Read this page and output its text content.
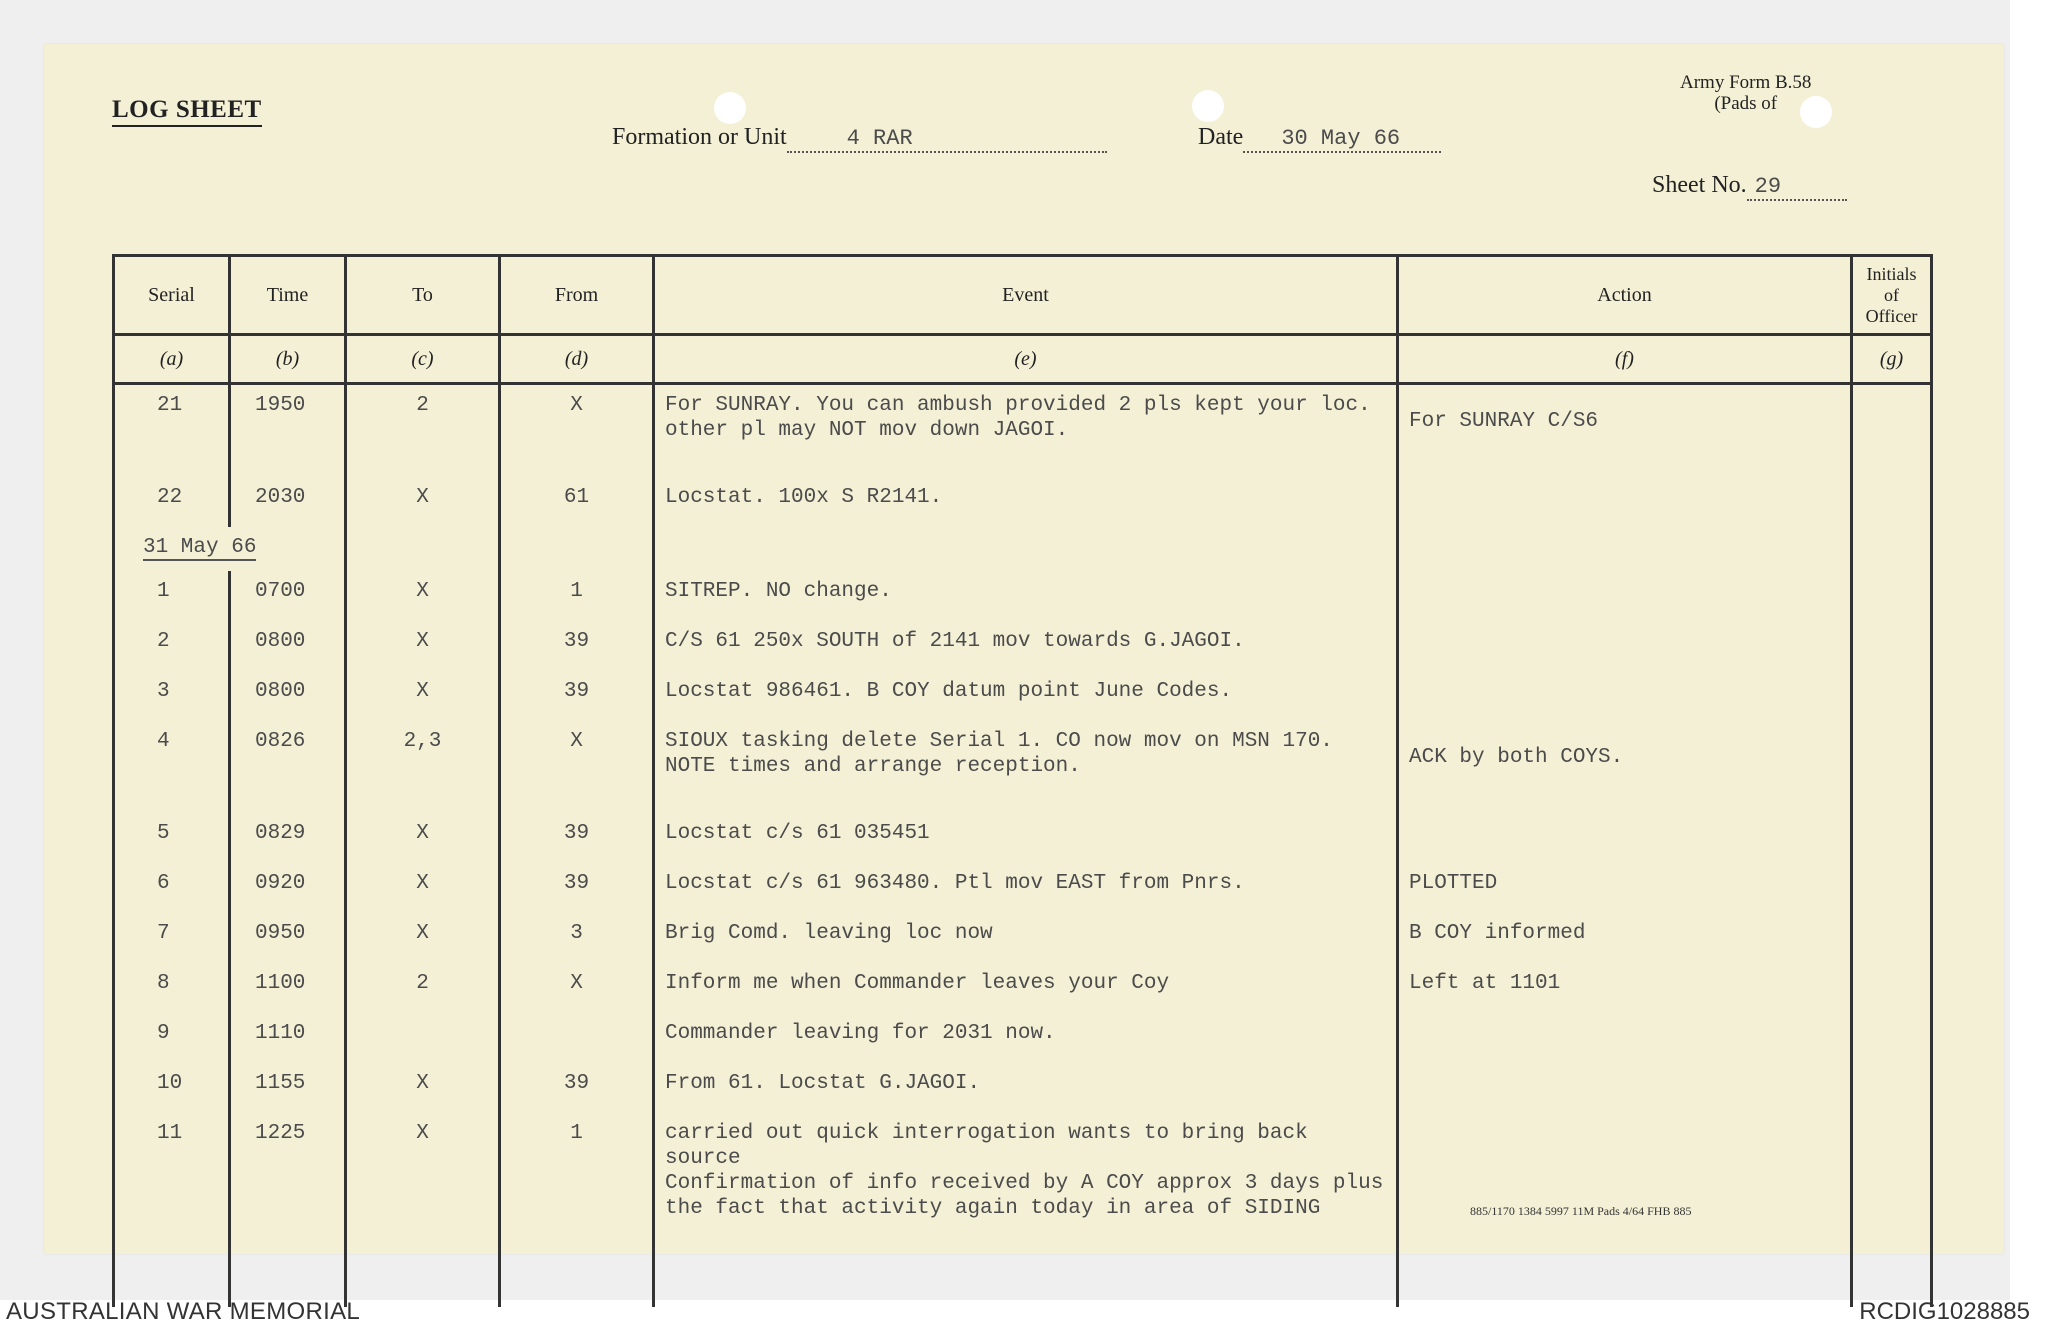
LOG SHEET
Army Form B.58
(Pads of
Formation or Unit	4 RAR	Date 30 May 66
Sheet No. 29
Serial	Time	To	From	Event	Action	Initials
of
Officer
(a)	(b)	(c)	(d)	(e)	(f)	(g)
21	1950	2	X	For SUNRAY. You can ambush provided 2 pls kept your loc.
other pl may NOT mov down JAGOI.	For SUNRAY C/S6	
22	2030	X	61	Locstat. 100x S R2141.		
31 May 66						
1	0700	X	1	SITREP. NO change.		
2	0800	X	39	C/S 61 250x SOUTH of 2141 mov towards G.JAGOI.		
3	0800	X	39	Locstat 986461. B COY datum point June Codes.		
4	0826	2,3	X	SIOUX tasking delete Serial 1. CO now mov on MSN 170.
NOTE times and arrange reception.	ACK by both COYS.	
5	0829	X	39	Locstat c/s 61 035451		
6	0920	X	39	Locstat c/s 61 963480. Ptl mov EAST from Pnrs.	PLOTTED	
7	0950	X	3	Brig Comd. leaving loc now	B COY informed	
8	1100	2	X	Inform me when Commander leaves your Coy	Left at 1101	
9	1110			Commander leaving for 2031 now.		
10	1155	X	39	From 61. Locstat G.JAGOI.		
11	1225	X	1	carried out quick interrogation wants to bring back source
Confirmation of info received by A COY approx 3 days plus
the fact that activity again today in area of SIDING		
							885/1170 1384 5997 11M Pads 4/64 FHB 885
AUSTRALIAN WAR MEMORIAL	RCDIG1028885
